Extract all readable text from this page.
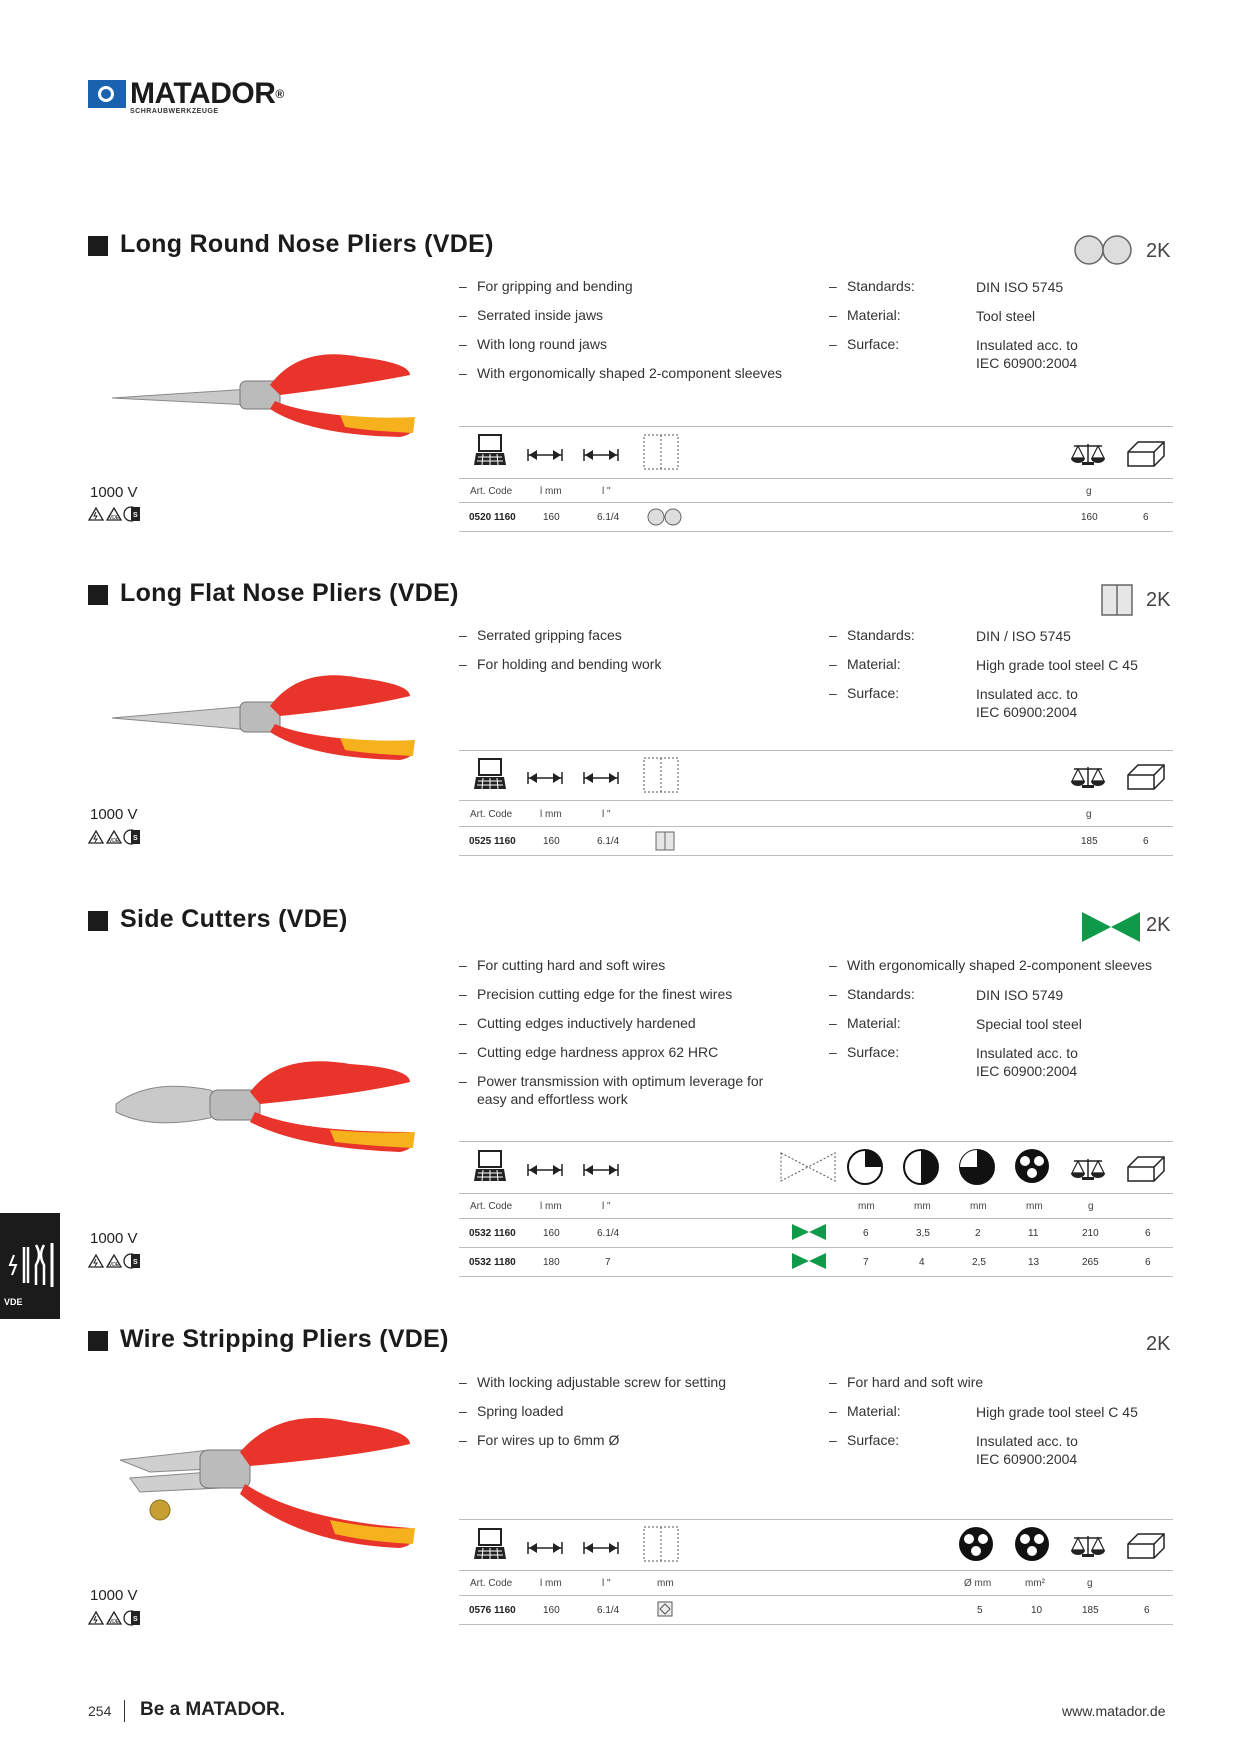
MATADOR®
SCHRAUBWERKZEUGE
Long Round Nose Pliers (VDE)	2K
1000 V
– For gripping and bending
– Serrated inside jaws
– With long round jaws
– With ergonomically shaped 2-component sleeves
– Standards:	DIN ISO 5745
– Material:	Tool steel
– Surface:	Insulated acc. to
IEC 60900:2004
Art. Code	l mm	l "	g
0520 1160	160	6.1/4	160	6
Long Flat Nose Pliers (VDE)	2K
1000 V
– Serrated gripping faces
– For holding and bending work
– Standards:	DIN / ISO 5745
– Material:	High grade tool steel C 45
– Surface:	Insulated acc. to
IEC 60900:2004
Art. Code	l mm	l "	g
0525 1160	160	6.1/4	185	6
Side Cutters (VDE)	2K
1000 V
– For cutting hard and soft wires
– Precision cutting edge for the finest wires
– Cutting edges inductively hardened
– Cutting edge hardness approx 62 HRC
– Power transmission with optimum leverage for
easy and effortless work
– With ergonomically shaped 2-component sleeves
– Standards:	DIN ISO 5749
– Material:	Special tool steel
– Surface:	Insulated acc. to
IEC 60900:2004
Art. Code	l mm	l "	mm	mm	mm	mm	g
0532 1160	160	6.1/4	6	3,5	2	11	210	6
0532 1180	180	7	7	4	2,5	13	265	6
Wire Stripping Pliers (VDE)	2K
1000 V
– With locking adjustable screw for setting
– Spring loaded
– For wires up to 6mm Ø
– For hard and soft wire
– Material:	High grade tool steel C 45
– Surface:	Insulated acc. to
IEC 60900:2004
Art. Code	l mm	l "	mm	Ø mm	mm²	g
0576 1160	160	6.1/4	5	10	185	6
VDE
254 Be a MATADOR.	www.matador.de
